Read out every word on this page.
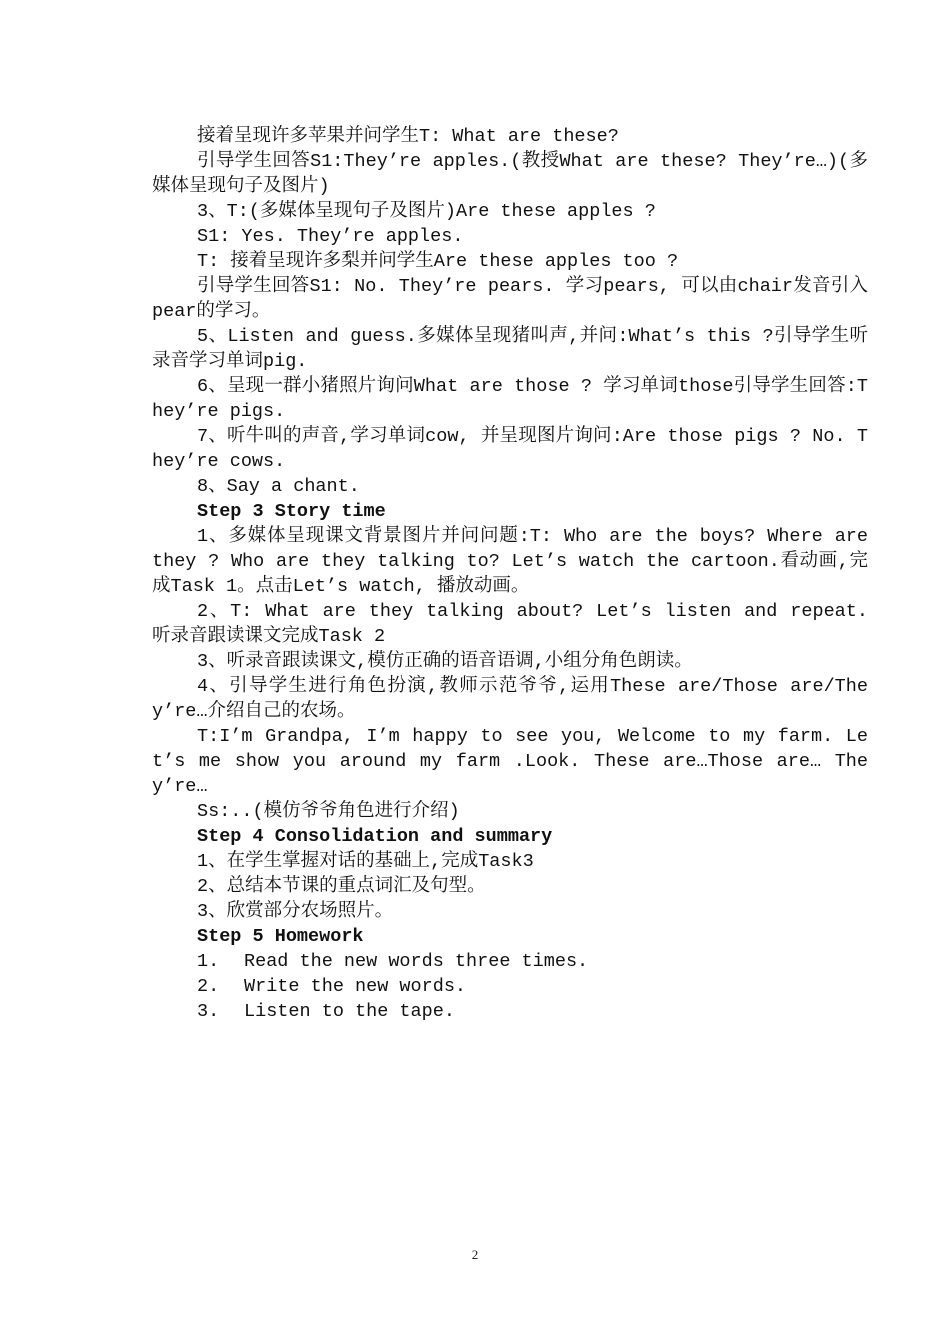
接着呈现许多苹果并问学生T: What are these?

引导学生回答S1:They’re apples.(教授What are these? They’re…)(多媒体呈现句子及图片)

3、T:(多媒体呈现句子及图片)Are these apples ?

S1: Yes. They’re apples.

T: 接着呈现许多梨并问学生Are these apples too ?

引导学生回答S1: No. They’re pears. 学习pears, 可以由chair发音引入pear的学习。

5、Listen and guess.多媒体呈现猪叫声,并问:What’s this ?引导学生听录音学习单词pig.

6、呈现一群小猪照片询问What are those ? 学习单词those引导学生回答:They’re pigs.

7、听牛叫的声音,学习单词cow, 并呈现图片询问:Are those pigs ? No. They’re cows.

8、Say a chant.

Step 3 Story time

1、多媒体呈现课文背景图片并问问题:T: Who are the boys? Where are they ? Who are they talking to? Let’s watch the cartoon.看动画,完成Task 1。点击Let’s watch, 播放动画。

2、T: What are they talking about? Let’s listen and repeat. 听录音跟读课文完成Task 2

3、听录音跟读课文,模仿正确的语音语调,小组分角色朗读。

4、引导学生进行角色扮演,教师示范爷爷,运用These are/Those are/They’re…介绍自己的农场。

T:I’m Grandpa, I’m happy to see you, Welcome to my farm. Let’s me show you around my farm .Look. These are…Those are… They’re…

Ss:..(模仿爷爷角色进行介绍)

Step 4 Consolidation and summary

1、在学生掌握对话的基础上,完成Task3

2、总结本节课的重点词汇及句型。

3、欣赏部分农场照片。

Step 5 Homework

1.	Read the new words three times.
2.	Write the new words.
3.	Listen to the tape.
2
